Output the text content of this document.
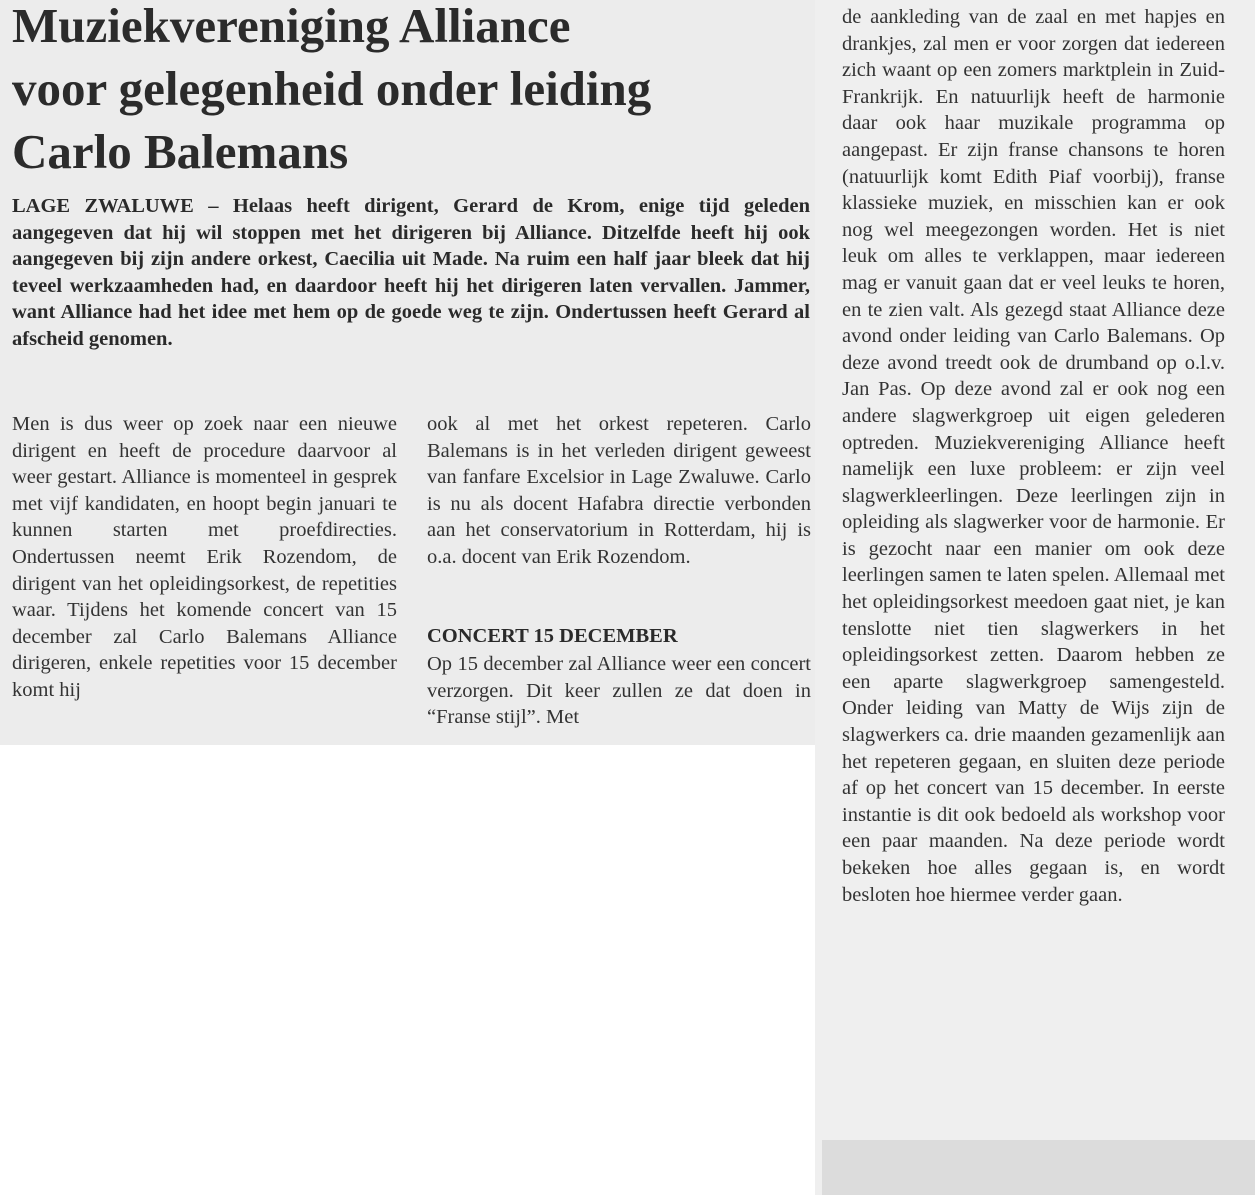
Muziekvereniging Alliance
voor gelegenheid onder leiding
Carlo Balemans

LAGE ZWALUWE – Helaas heeft dirigent, Gerard de Krom, enige tijd geleden aangegeven dat hij wil stoppen met het dirigeren bij Alliance. Ditzelfde heeft hij ook aangegeven bij zijn andere orkest, Caecilia uit Made. Na ruim een half jaar bleek dat hij teveel werkzaamheden had, en daardoor heeft hij het dirigeren laten vervallen. Jammer, want Alliance had het idee met hem op de goede weg te zijn. Ondertussen heeft Gerard al afscheid genomen.

Men is dus weer op zoek naar een nieuwe dirigent en heeft de procedure daarvoor al weer gestart. Alliance is momenteel in gesprek met vijf kandidaten, en hoopt begin januari te kunnen starten met proefdirecties. Ondertussen neemt Erik Rozendom, de dirigent van het opleidingsorkest, de repetities waar. Tijdens het komende concert van 15 december zal Carlo Balemans Alliance dirigeren, enkele repetities voor 15 december komt hij

ook al met het orkest repeteren. Carlo Balemans is in het verleden dirigent geweest van fanfare Excelsior in Lage Zwaluwe. Carlo is nu als docent Hafabra directie verbonden aan het conservatorium in Rotterdam, hij is o.a. docent van Erik Rozendom.

CONCERT 15 DECEMBER

Op 15 december zal Alliance weer een concert verzorgen. Dit keer zullen ze dat doen in “Franse stijl”. Met

de aankleding van de zaal en met hapjes en drankjes, zal men er voor zorgen dat iedereen zich waant op een zomers marktplein in Zuid-Frankrijk. En natuurlijk heeft de harmonie daar ook haar muzikale programma op aangepast. Er zijn franse chansons te horen (natuurlijk komt Edith Piaf voorbij), franse klassieke muziek, en misschien kan er ook nog wel meegezongen worden. Het is niet leuk om alles te verklappen, maar iedereen mag er vanuit gaan dat er veel leuks te horen, en te zien valt. Als gezegd staat Alliance deze avond onder leiding van Carlo Balemans. Op deze avond treedt ook de drumband op o.l.v. Jan Pas. Op deze avond zal er ook nog een andere slagwerkgroep uit eigen gelederen optreden. Muziekvereniging Alliance heeft namelijk een luxe probleem: er zijn veel slagwerkleerlingen. Deze leerlingen zijn in opleiding als slagwerker voor de harmonie. Er is gezocht naar een manier om ook deze leerlingen samen te laten spelen. Allemaal met het opleidingsorkest meedoen gaat niet, je kan tenslotte niet tien slagwerkers in het opleidingsorkest zetten. Daarom hebben ze een aparte slagwerkgroep samengesteld. Onder leiding van Matty de Wijs zijn de slagwerkers ca. drie maanden gezamenlijk aan het repeteren gegaan, en sluiten deze periode af op het concert van 15 december. In eerste instantie is dit ook bedoeld als workshop voor een paar maanden. Na deze periode wordt bekeken hoe alles gegaan is, en wordt besloten hoe hiermee verder gaan.
